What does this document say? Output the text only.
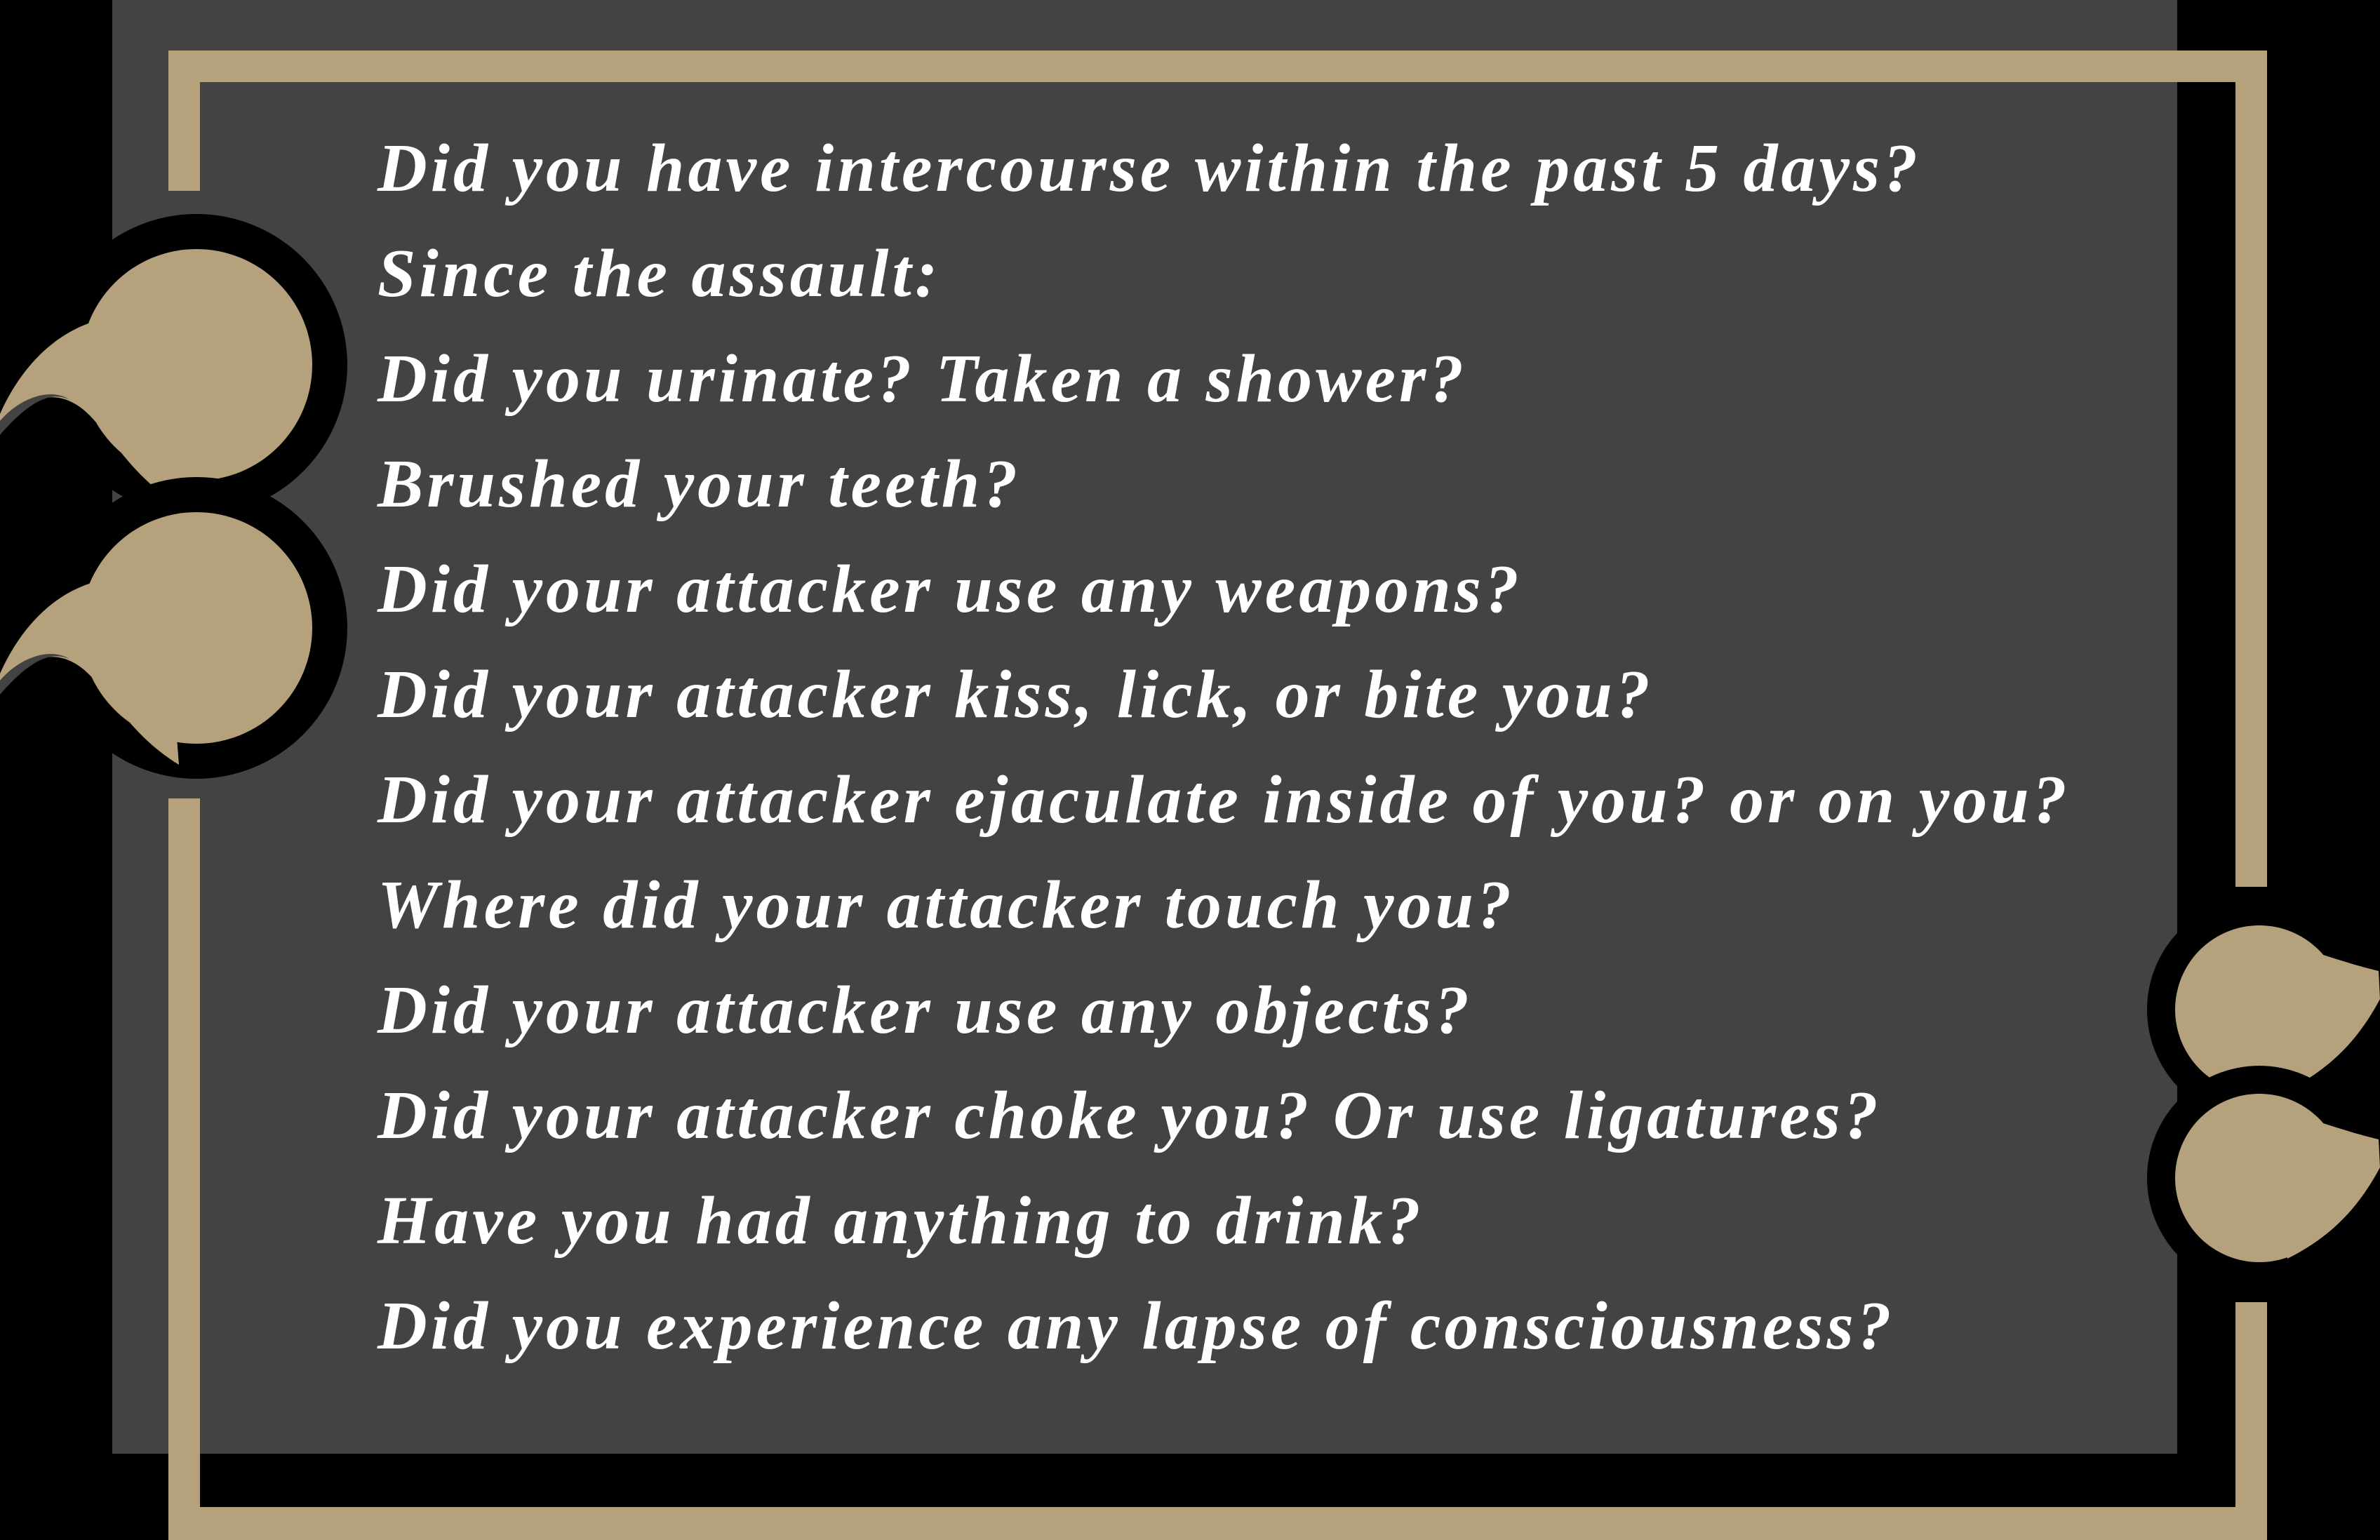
Did you have intercourse within the past 5 days?
Since the assault:
Did you urinate? Taken a shower?
Brushed your teeth?
Did your attacker use any weapons?
Did your attacker kiss, lick, or bite you?
Did your attacker ejaculate inside of you? or on you?
Where did your attacker touch you?
Did your attacker use any objects?
Did your attacker choke you? Or use ligatures?
Have you had anything to drink?
Did you experience any lapse of consciousness?
